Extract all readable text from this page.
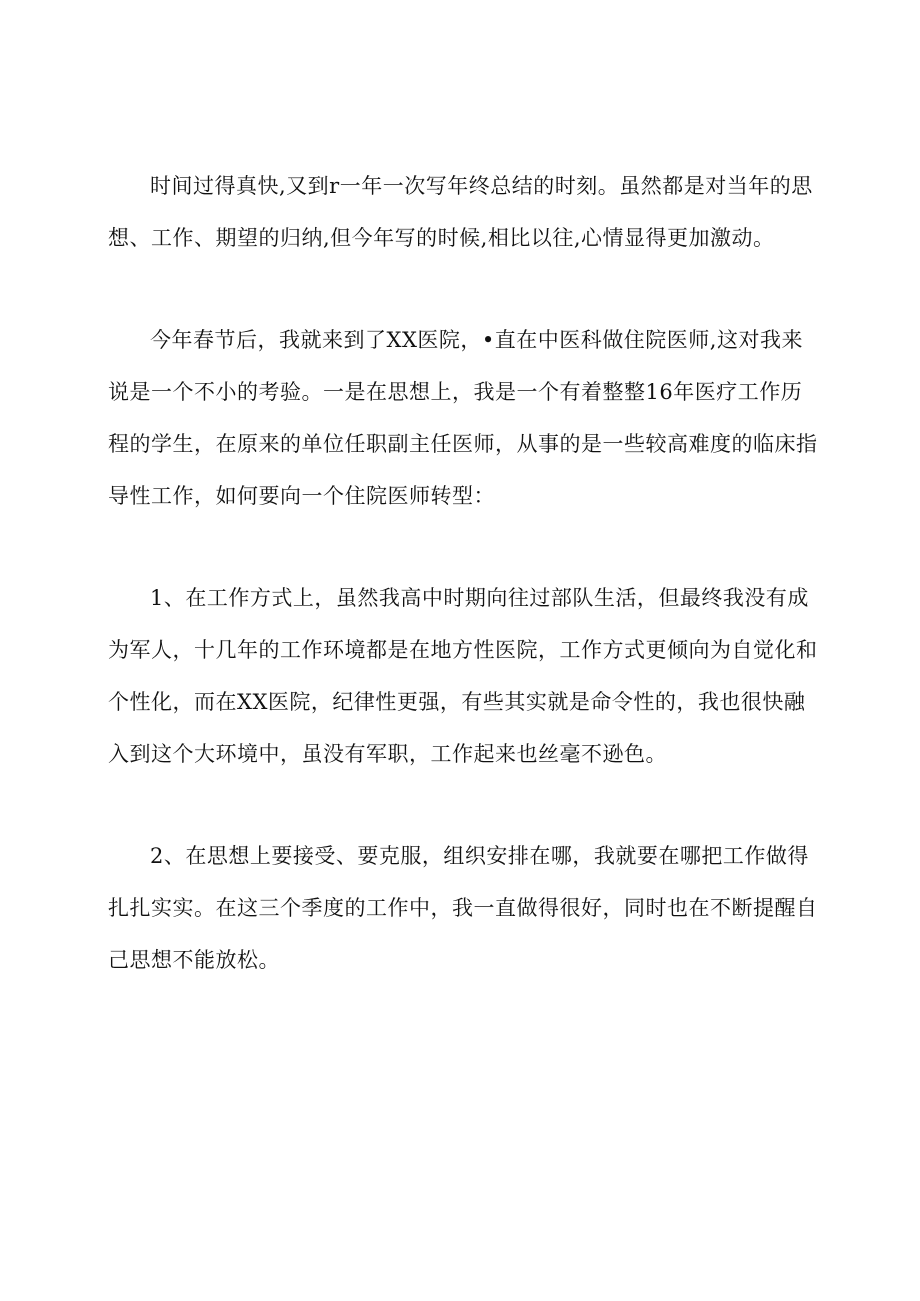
时间过得真快,又到r一年一次写年终总结的时刻。虽然都是对当年的思想、工作、期望的归纳,但今年写的时候,相比以往,心情显得更加激动。

今年春节后，我就来到了XX医院，•直在中医科做住院医师,这对我来说是一个不小的考验。一是在思想上，我是一个有着整整16年医疗工作历程的学生，在原来的单位任职副主任医师，从事的是一些较高难度的临床指导性工作，如何要向一个住院医师转型：

1、在工作方式上，虽然我高中时期向往过部队生活，但最终我没有成为军人，十几年的工作环境都是在地方性医院，工作方式更倾向为自觉化和个性化，而在XX医院，纪律性更强，有些其实就是命令性的，我也很快融入到这个大环境中，虽没有军职，工作起来也丝毫不逊色。

2、在思想上要接受、要克服，组织安排在哪，我就要在哪把工作做得扎扎实实。在这三个季度的工作中，我一直做得很好，同时也在不断提醒自己思想不能放松。
